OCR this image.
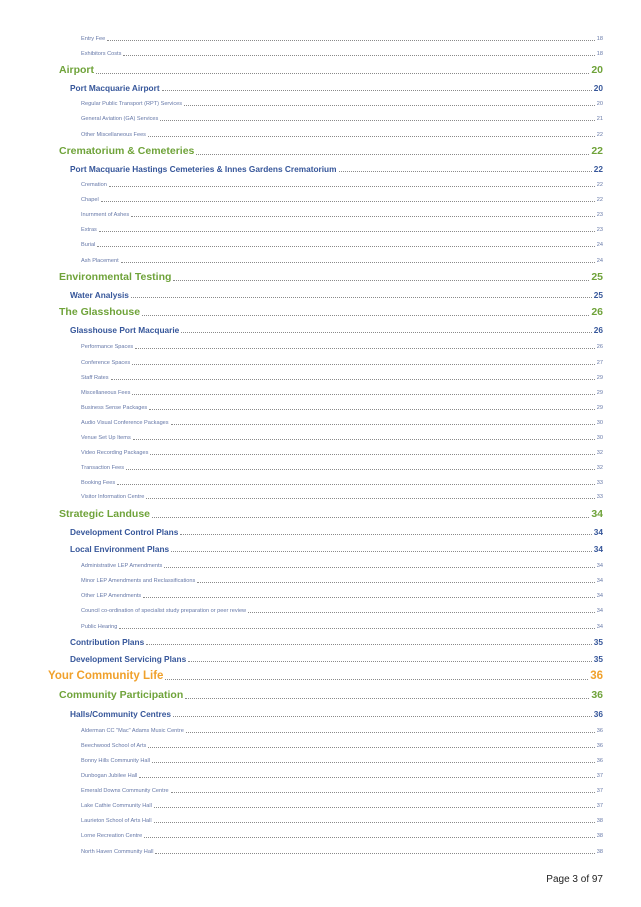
Entry Fee	18
Exhibitors Costs	18
Airport	20
Port Macquarie Airport	20
Regular Public Transport (RPT) Services	20
General Aviation (GA) Services	21
Other Miscellaneous Fees	22
Crematorium & Cemeteries	22
Port Macquarie Hastings Cemeteries & Innes Gardens Crematorium	22
Cremation	22
Chapel	22
Inurnment of Ashes	23
Extras	23
Burial	24
Ash Placement	24
Environmental Testing	25
Water Analysis	25
The Glasshouse	26
Glasshouse Port Macquarie	26
Performance Spaces	26
Conference Spaces	27
Staff Rates	29
Miscellaneous Fees	29
Business Sense Packages	29
Audio Visual Conference Packages	30
Venue Set Up Items	30
Video Recording Packages	32
Transaction Fees	32
Booking Fees	33
Visitor Information Centre	33
Strategic Landuse	34
Development Control Plans	34
Local Environment Plans	34
Administrative LEP Amendments	34
Minor LEP Amendments and Reclassifications	34
Other LEP Amendments	34
Council co-ordination of specialist study preparation or peer review	34
Public Hearing	34
Contribution Plans	35
Development Servicing Plans	35
Your Community Life	36
Community Participation	36
Halls/Community Centres	36
Alderman CC "Mac" Adams Music Centre	36
Beechwood School of Arts	36
Bonny Hills Community Hall	36
Dunbogan Jubilee Hall	37
Emerald Downs Community Centre	37
Lake Cathie Community Hall	37
Laurieton School of Arts Hall	38
Lorne Recreation Centre	38
North Haven Community Hall	38
Page 3 of 97
